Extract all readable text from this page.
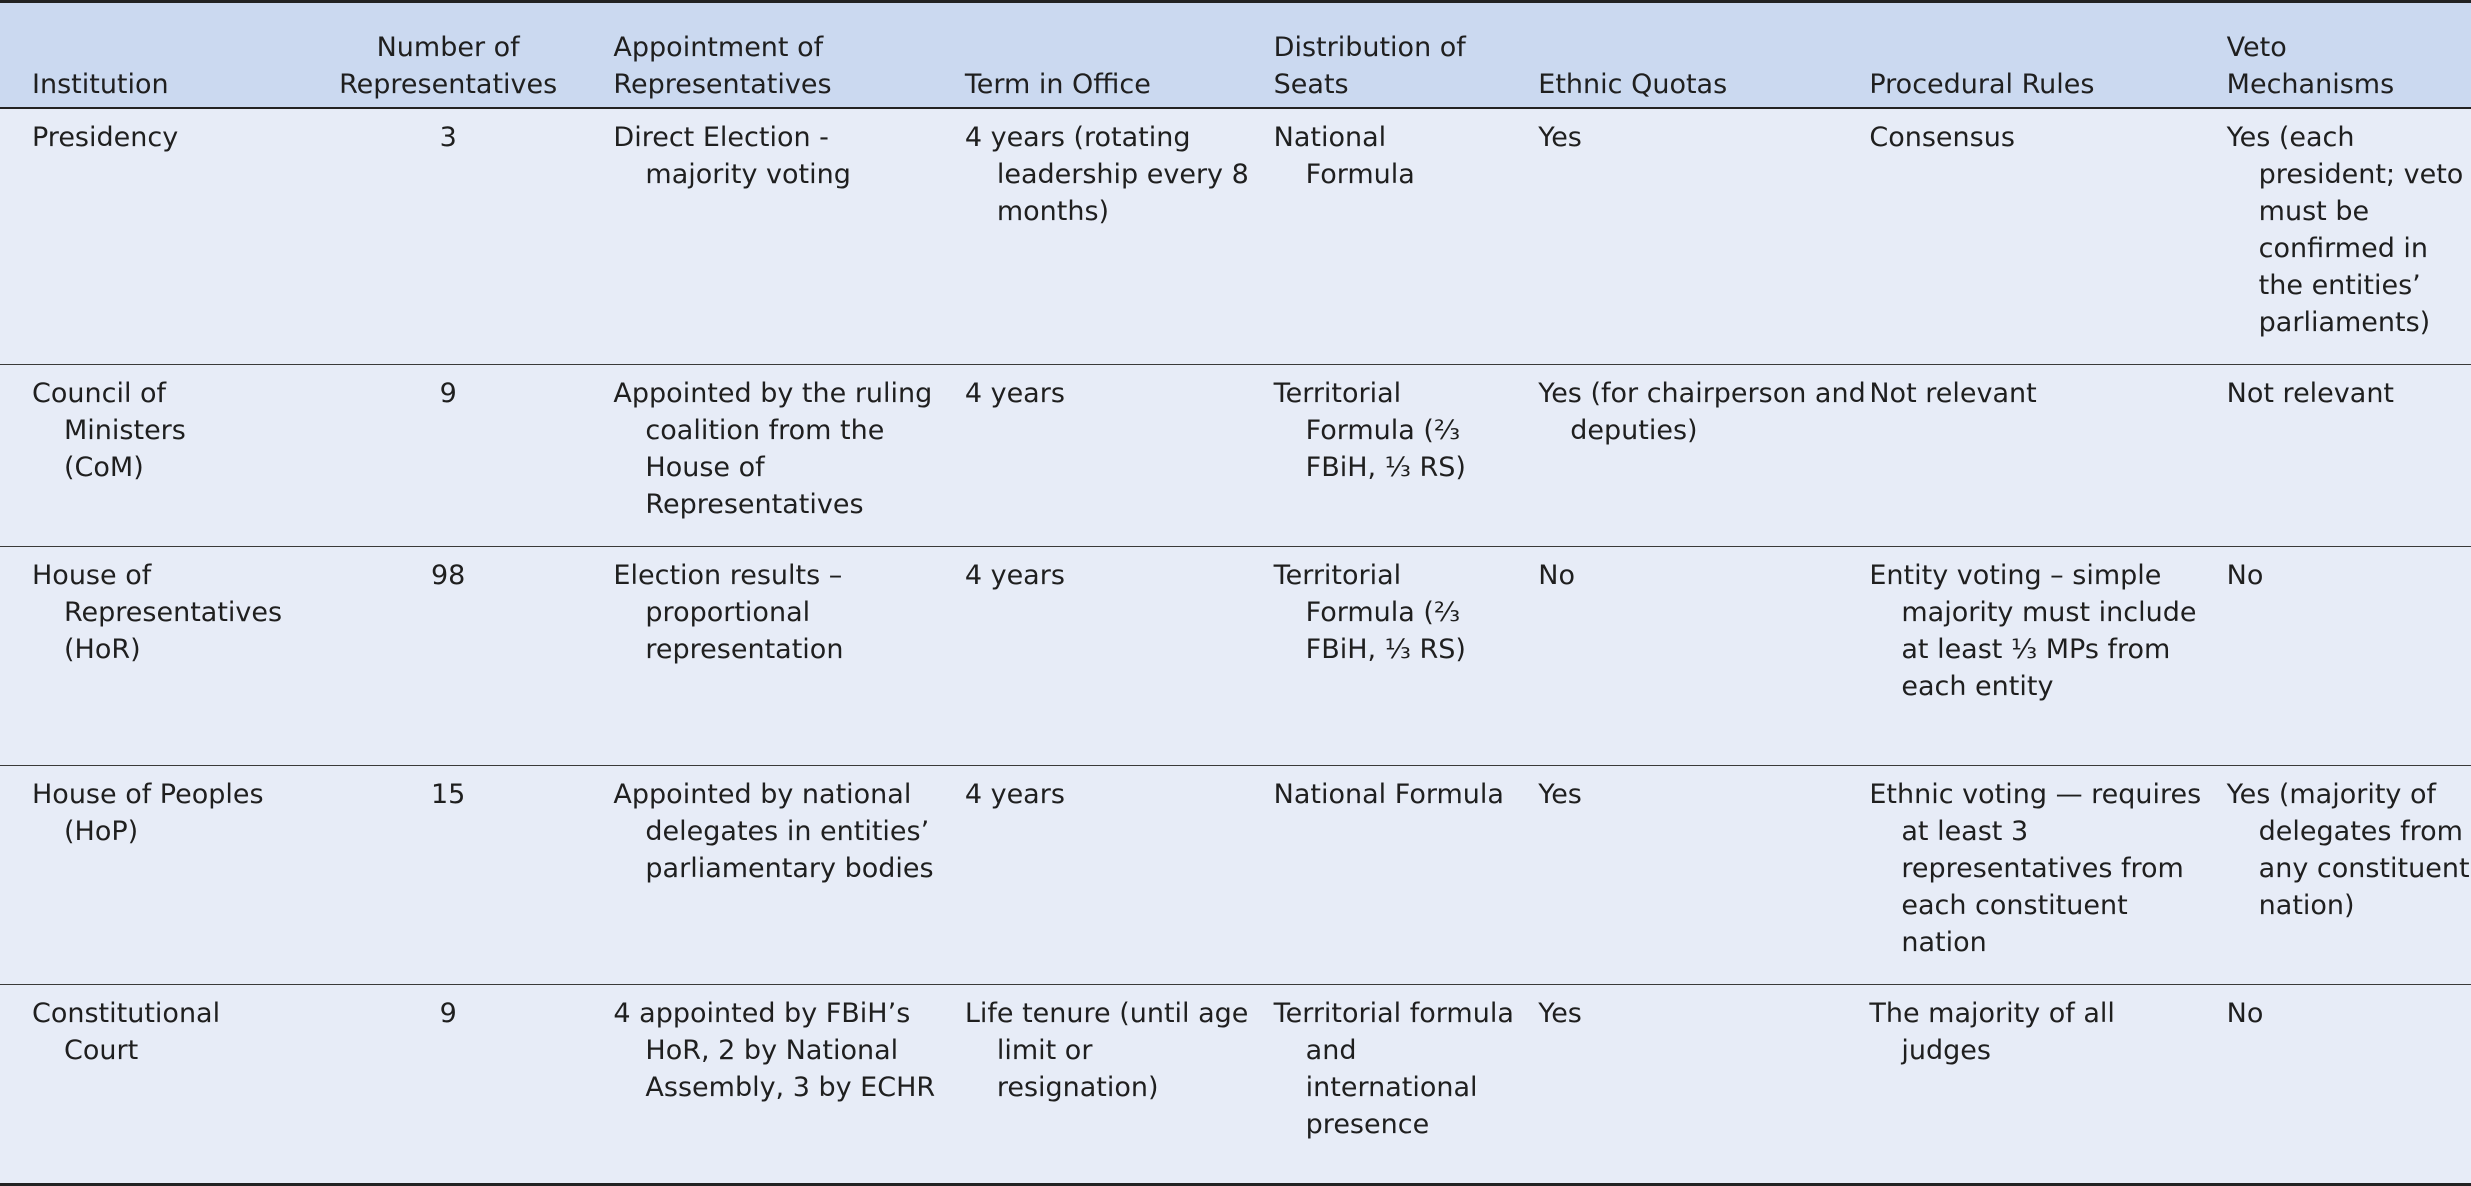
Institution	Number of Representatives	Appointment of Representatives	Term in Office	Distribution of Seats	Ethnic Quotas	Procedural Rules	Veto Mechanisms

Presidency	3	Direct Election - majority voting	4 years (rotating leadership every 8 months)	National Formula	Yes	Consensus	Yes (each president; veto must be confirmed in the entities’ parliaments)

Council of Ministers (CoM)	9	Appointed by the ruling coalition from the House of Representatives	4 years	Territorial Formula (⅔ FBiH, ⅓ RS)	Yes (for chairperson and deputies)	Not relevant	Not relevant

House of Representatives (HoR)	98	Election results – proportional representation	4 years	Territorial Formula (⅔ FBiH, ⅓ RS)	No	Entity voting – simple majority must include at least ⅓ MPs from each entity	No

House of Peoples (HoP)	15	Appointed by national delegates in entities’ parliamentary bodies	4 years	National Formula	Yes	Ethnic voting — requires at least 3 representatives from each constituent nation	Yes (majority of delegates from any constituent nation)

Constitutional Court	9	4 appointed by FBiH’s HoR, 2 by National Assembly, 3 by ECHR	Life tenure (until age limit or resignation)	Territorial formula and international presence	Yes	The majority of all judges	No
